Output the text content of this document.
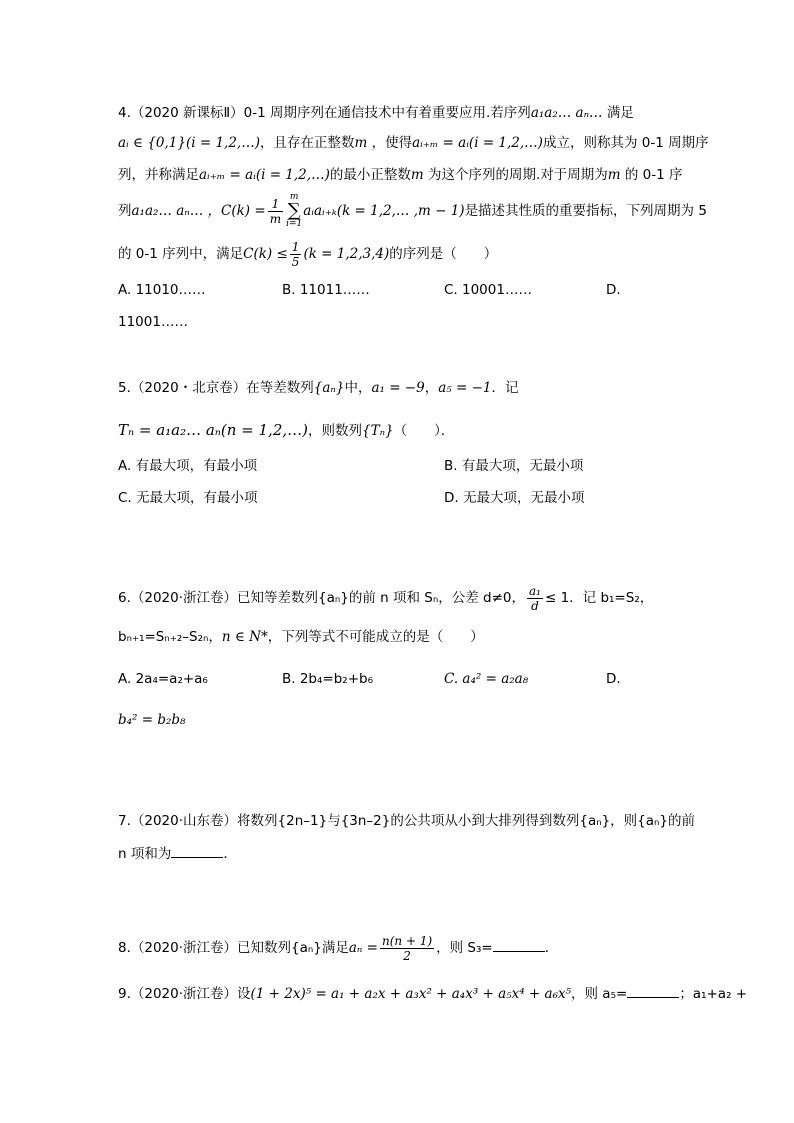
4.（2020 新课标Ⅱ）0-1 周期序列在通信技术中有着重要应用.若序列a₁a₂… aₙ… 满足
aᵢ ∈ {0,1}(i = 1,2,…)，且存在正整数m ，使得aᵢ₊ₘ = aᵢ(i = 1,2,…)成立，则称其为 0-1 周期序
列，并称满足aᵢ₊ₘ = aᵢ(i = 1,2,…)的最小正整数m 为这个序列的周期.对于周期为m 的 0-1 序
列a₁a₂… aₙ… ，$C(k) = \frac{1}{m}$ m
∑
i=1
aᵢaᵢ₊ₖ(k = 1,2,… ,m − 1)是描述其性质的重要指标，下列周期为 5
的 0-1 序列中，满足$C(k) \le \frac{1}{5} (k = 1,2,3,4)$的序列是（　　）
A. 11010……	B. 11011……	C. 10001……	D.
11001……
5.（2020・北京卷）在等差数列{aₙ}中，a₁ = −9，a₅ = −1．记
Tₙ = a₁a₂… aₙ(n = 1,2,…)，则数列{Tₙ}（　　）．
A. 有最大项，有最小项	B. 有最大项，无最小项
C. 无最大项，有最小项	D. 无最大项，无最小项
6.（2020·浙江卷）已知等差数列{aₙ}的前 n 项和 Sₙ，公差 d≠0， $\frac{\text{a₁}}{d} \le 1$．记 b₁=S₂，
bₙ₊₁=Sₙ₊₂–S₂ₙ，n ∈ N*，下列等式不可能成立的是（　　）
A. 2a₄=a₂+a₆	B. 2b₄=b₂+b₆	C. a₄² = a₂a₈	D.
b₄² = b₂b₈
7.（2020·山东卷）将数列{2n–1}与{3n–2}的公共项从小到大排列得到数列{aₙ}，则{aₙ}的前
n 项和为	．
8.（2020·浙江卷）已知数列{aₙ}满足$a_n = \frac{n(n + 1)}{2}$ ，则 S₃=	．
9.（2020·浙江卷）设(1 + 2x)⁵ = a₁ + a₂x + a₃x² + a₄x³ + a₅x⁴ + a₆x⁵，则 a₅=	；a₁+a₂ +
